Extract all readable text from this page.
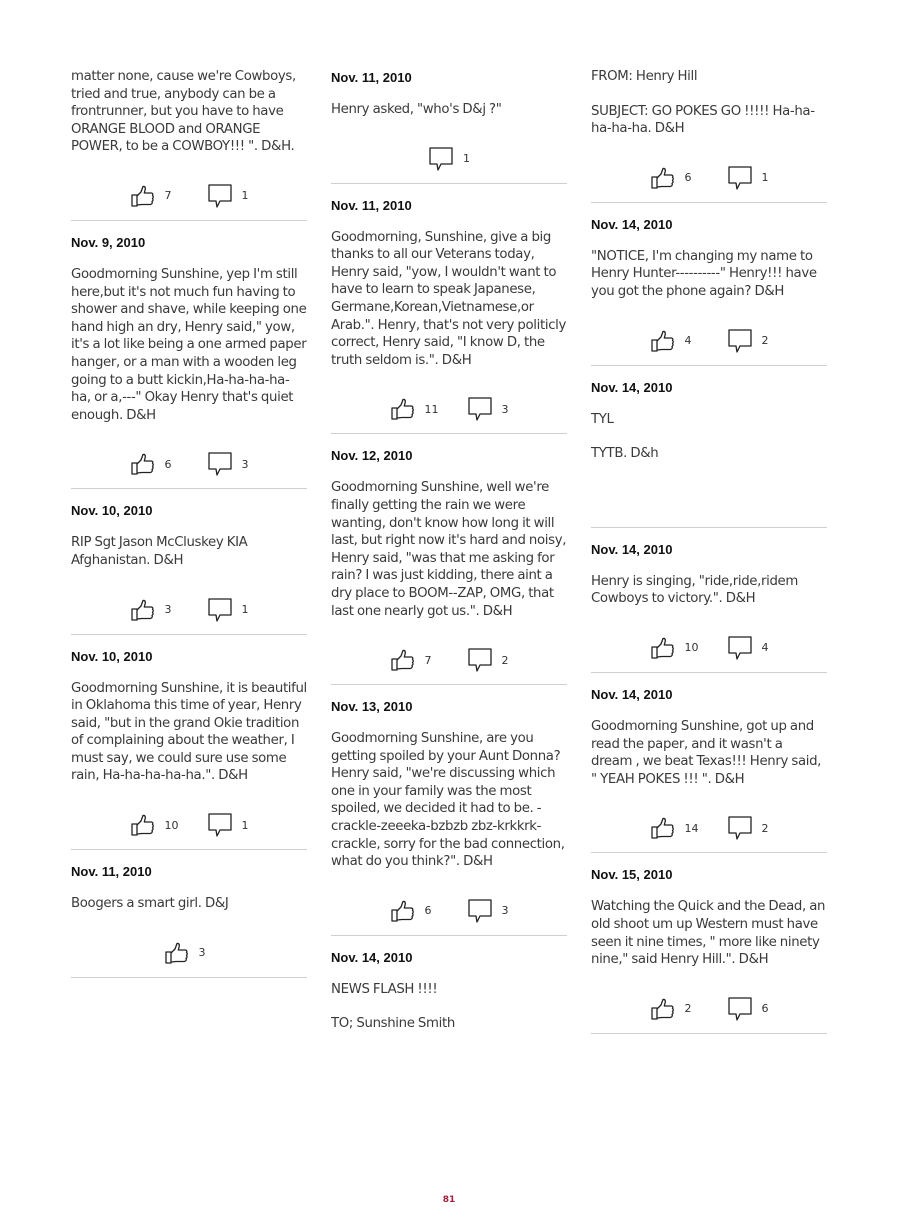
matter none, cause we're Cowboys, tried and true, anybody can be a frontrunner, but you have to have ORANGE BLOOD and ORANGE POWER, to be a COWBOY!!! ". D&H.

7	1
Nov. 9, 2010

Goodmorning Sunshine, yep I'm still here,but it's not much fun having to shower and shave, while keeping one hand high an dry, Henry said," yow, it's a lot like being a one armed paper hanger, or a man with a wooden leg going to a butt kickin,Ha-ha-ha-ha-ha, or a,---" Okay Henry that's quiet enough. D&H

6	3
Nov. 10, 2010

RIP Sgt Jason McCluskey KIA Afghanistan. D&H

3	1
Nov. 10, 2010

Goodmorning Sunshine, it is beautiful in Oklahoma this time of year, Henry said, "but in the grand Okie tradition of complaining about the weather, I must say, we could sure use some rain, Ha-ha-ha-ha-ha.". D&H

10	1
Nov. 11, 2010

Boogers a smart girl. D&J

3
Nov. 11, 2010

Henry asked, "who's D&j ?"

1
Nov. 11, 2010

Goodmorning, Sunshine, give a big thanks to all our Veterans today, Henry said, "yow, I wouldn't want to have to learn to speak Japanese, Germane,Korean,Vietnamese,or Arab.". Henry, that's not very politicly correct, Henry said, "I know D, the truth seldom is.". D&H

11	3
Nov. 12, 2010

Goodmorning Sunshine, well we're finally getting the rain we were wanting, don't know how long it will last, but right now it's hard and noisy, Henry said, "was that me asking for rain? I was just kidding, there aint a dry place to BOOM--ZAP, OMG, that last one nearly got us.". D&H

7	2
Nov. 13, 2010

Goodmorning Sunshine, are you getting spoiled by your Aunt Donna? Henry said, "we're discussing which one in your family was the most spoiled, we decided it had to be. -crackle-zeeeka-bzbzb zbz-krkkrk-crackle, sorry for the bad connection, what do you think?". D&H

6	3
Nov. 14, 2010

NEWS FLASH !!!!

TO; Sunshine Smith

FROM: Henry Hill

SUBJECT: GO POKES GO !!!!! Ha-ha-ha-ha-ha. D&H

6	1
Nov. 14, 2010

"NOTICE, I'm changing my name to Henry Hunter----------" Henry!!! have you got the phone again? D&H

4	2
Nov. 14, 2010

TYL

TYTB. D&h

Nov. 14, 2010

Henry is singing, "ride,ride,ridem Cowboys to victory.". D&H

10	4
Nov. 14, 2010

Goodmorning Sunshine, got up and read the paper, and it wasn't a dream , we beat Texas!!! Henry said, " YEAH POKES !!! ". D&H

14	2
Nov. 15, 2010

Watching the Quick and the Dead, an old shoot um up Western must have seen it nine times, " more like ninety nine," said Henry Hill.". D&H

2	6
81
